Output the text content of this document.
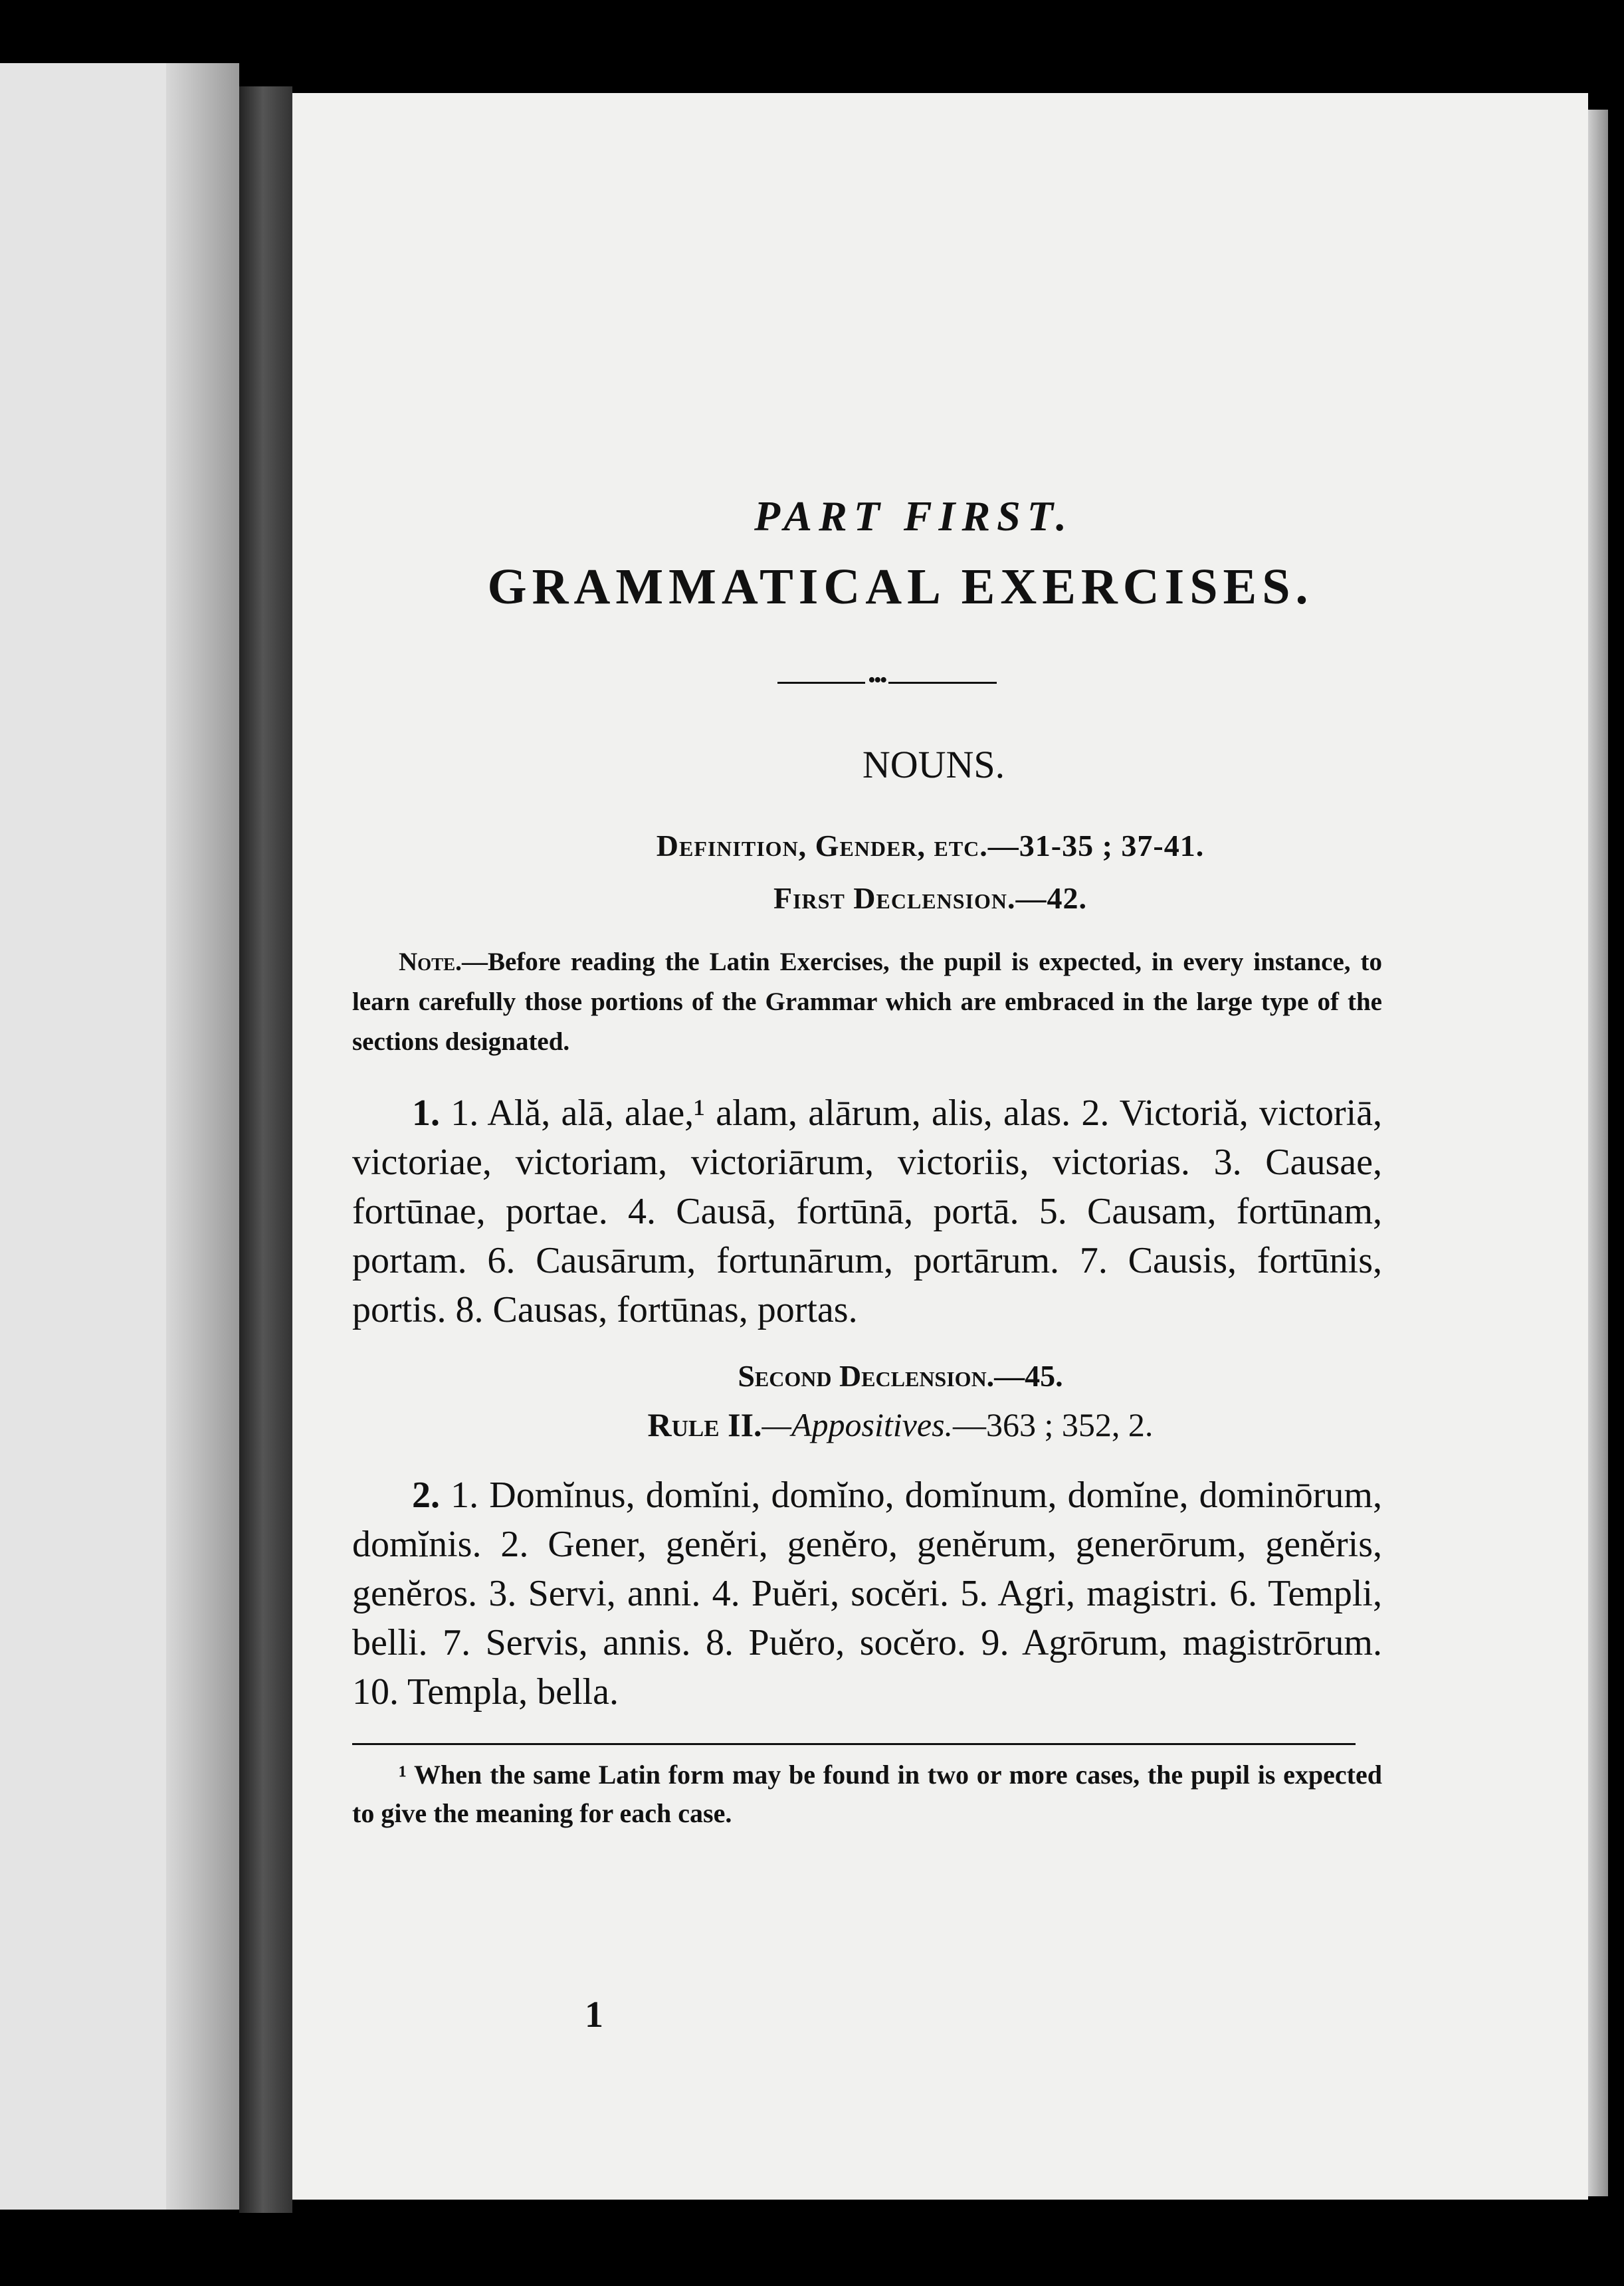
PART FIRST.

GRAMMATICAL EXERCISES.

•••

NOUNS.

Definition, Gender, etc.—31-35 ; 37-41.

First Declension.—42.

Note.—Before reading the Latin Exercises, the pupil is expected, in every instance, to learn carefully those portions of the Grammar which are embraced in the large type of the sections designated.

1. 1. Ală, alā, alae,¹ alam, alārum, alis, alas. 2. Victoriă, victoriā, victoriae, victoriam, victoriārum, victoriis, victorias. 3. Causae, fortūnae, portae. 4. Causā, fortūnā, portā. 5. Causam, fortūnam, portam. 6. Causārum, fortunārum, portārum. 7. Causis, fortūnis, portis. 8. Causas, fortūnas, portas.

Second Declension.—45.

Rule II.—Appositives.—363 ; 352, 2.

2. 1. Domĭnus, domĭni, domĭno, domĭnum, domĭne, dominōrum, domĭnis. 2. Gener, genĕri, genĕro, genĕrum, generōrum, genĕris, genĕros. 3. Servi, anni. 4. Puĕri, socĕri. 5. Agri, magistri. 6. Templi, belli. 7. Servis, annis. 8. Puĕro, socĕro. 9. Agrōrum, magistrōrum. 10. Templa, bella.

¹ When the same Latin form may be found in two or more cases, the pupil is expected to give the meaning for each case.

1
